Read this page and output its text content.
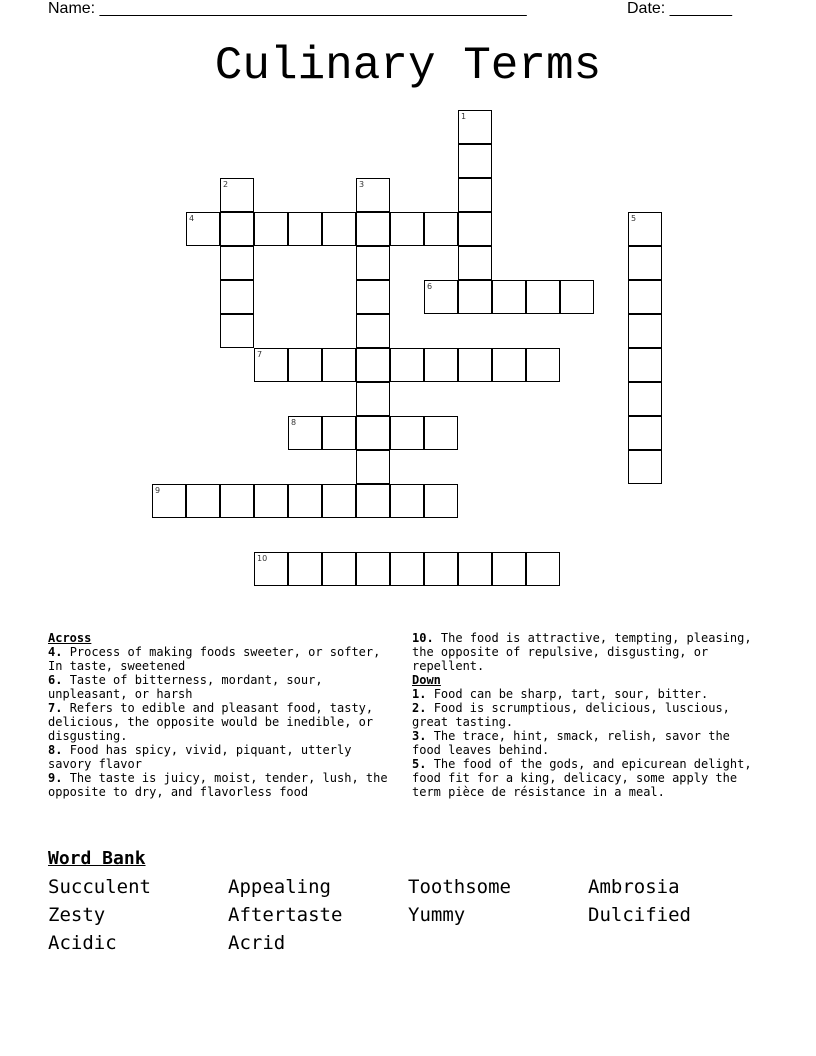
Name: ________________________________________________	Date: _______
Culinary Terms
1
2	3
4	5
6
7
8
9
10
Across
4. Process of making foods sweeter, or softer, In taste, sweetened
6. Taste of bitterness, mordant, sour, unpleasant, or harsh
7. Refers to edible and pleasant food, tasty, delicious, the opposite would be inedible, or disgusting.
8. Food has spicy, vivid, piquant, utterly savory flavor
9. The taste is juicy, moist, tender, lush, the opposite to dry, and flavorless food
10. The food is attractive, tempting, pleasing, the opposite of repulsive, disgusting, or repellent.
Down
1. Food can be sharp, tart, sour, bitter.
2. Food is scrumptious, delicious, luscious, great tasting.
3. The trace, hint, smack, relish, savor the food leaves behind.
5. The food of the gods, and epicurean delight, food fit for a king, delicacy, some apply the term pièce de résistance in a meal.
Word Bank
Succulent	Appealing	Toothsome	Ambrosia
Zesty	Aftertaste	Yummy	Dulcified
Acidic	Acrid
